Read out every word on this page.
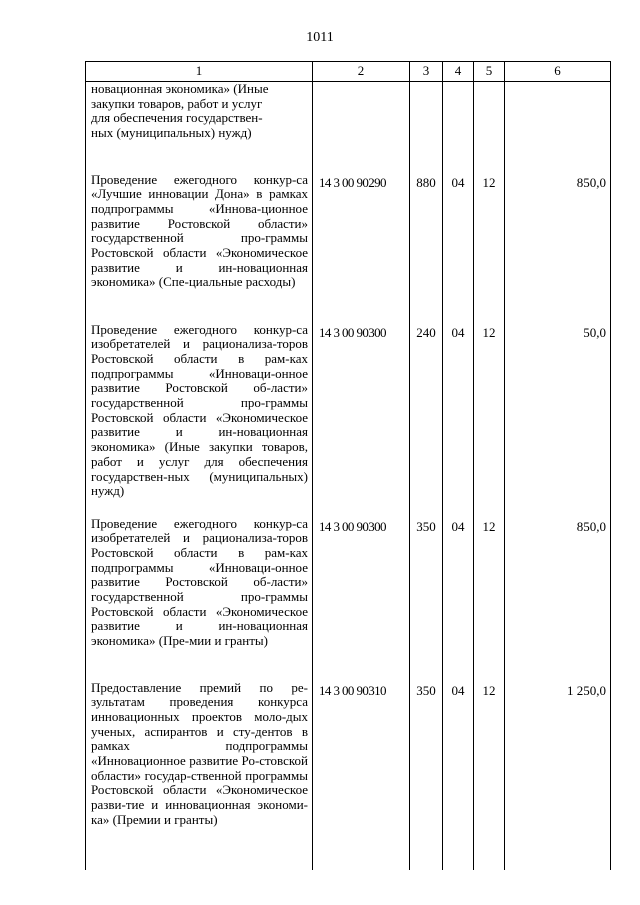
1011
1	2	3	4	5	6

новационная экономика» (Иные
закупки товаров, работ и услуг
для обеспечения государствен-
ных (муниципальных) нужд)					

Проведение ежегодного конкур-са «Лучшие инновации Дона» в рамках подпрограммы «Иннова-ционное развитие Ростовской области» государственной про-граммы Ростовской области «Экономическое развитие и ин-новационная экономика» (Спе-циальные расходы)	14 3 00 90290	880	04	12	850,0
Проведение ежегодного конкур-са изобретателей и рационализа-торов Ростовской области в рам-ках подпрограммы «Инноваци-онное развитие Ростовской об-ласти» государственной про-граммы Ростовской области «Экономическое развитие и ин-новационная экономика» (Иные закупки товаров, работ и услуг для обеспечения государствен-ных (муниципальных) нужд)	14 3 00 90300	240	04	12	50,0
Проведение ежегодного конкур-са изобретателей и рационализа-торов Ростовской области в рам-ках подпрограммы «Инноваци-онное развитие Ростовской об-ласти» государственной про-граммы Ростовской области «Экономическое развитие и ин-новационная экономика» (Пре-мии и гранты)	14 3 00 90300	350	04	12	850,0
Предоставление премий по ре-зультатам проведения конкурса инновационных проектов моло-дых ученых, аспирантов и сту-дентов в рамках подпрограммы «Инновационное развитие Ро-стовской области» государ-ственной программы Ростовской области «Экономическое разви-тие и инновационная экономи-ка» (Премии и гранты)	14 3 00 90310	350	04	12	1 250,0
